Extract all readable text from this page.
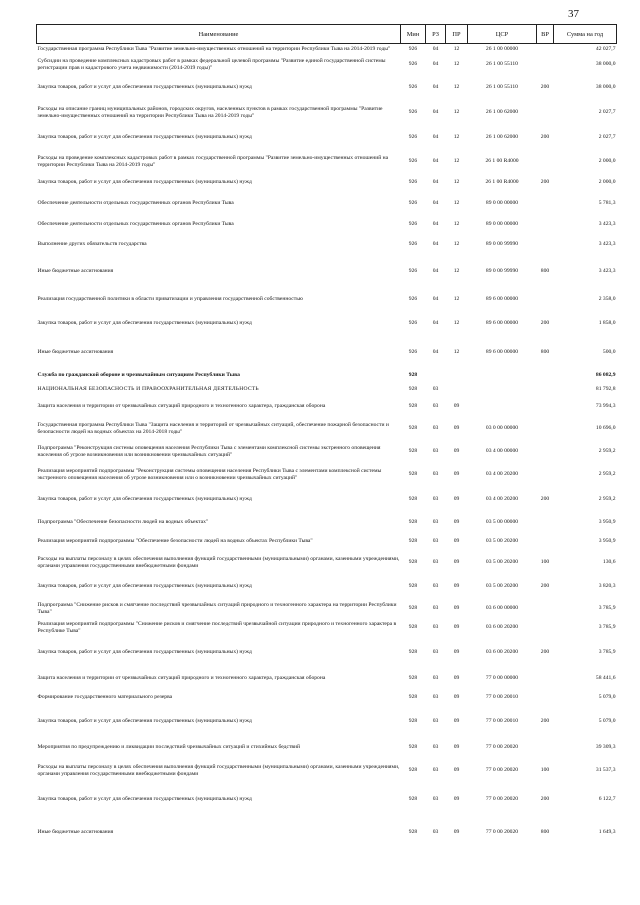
37
Наименование	Мин	РЗ	ПР	ЦСР	ВР	Сумма на год
Государственная программа Республики Тыва "Развитие земельно-имущественных отношений на территории Республики Тыва на 2014-2019 годы"	926	04	12	26 1 00 00000		42 027,7
Субсидии на проведение комплексных кадастровых работ в рамках федеральной целевой программы "Развитие единой государственной системы регистрации прав и кадастрового учета недвижимости (2014-2019 годы)"	926	04	12	26 1 00 55110		38 000,0
Закупка товаров, работ и услуг для обеспечения государственных (муниципальных) нужд	926	04	12	26 1 00 55110	200	38 000,0
Расходы на описание границ муниципальных районов, городских округов, населенных пунктов в рамках государственной программы "Развитие земельно-имущественных отношений на территории Республики Тыва на 2014-2019 годы"	926	04	12	26 1 00 62000		2 027,7
Закупка товаров, работ и услуг для обеспечения государственных (муниципальных) нужд	926	04	12	26 1 00 62000	200	2 027,7
Расходы на проведение комплексных кадастровых работ в рамках государственной программы "Развитие земельно-имущественных отношений на территории Республики Тыва на 2014-2019 годы"	926	04	12	26 1 00 R4000		2 000,0
Закупка товаров, работ и услуг для обеспечения государственных (муниципальных) нужд	926	04	12	26 1 00 R4000	200	2 000,0
Обеспечение деятельности отдельных государственных органов Республики Тыва	926	04	12	89 0 00 00000		5 781,3
Обеспечение деятельности отдельных государственных органов Республики Тыва	926	04	12	89 0 00 00000		3 423,3
Выполнение других обязательств государства	926	04	12	89 0 00 99990		3 423,3
Иные бюджетные ассигнования	926	04	12	89 0 00 99990	800	3 423,3
Реализация государственной политики в области приватизации и управления государственной собственностью	926	04	12	89 6 00 00000		2 358,0
Закупка товаров, работ и услуг для обеспечения государственных (муниципальных) нужд	926	04	12	89 6 00 00000	200	1 858,0
Иные бюджетные ассигнования	926	04	12	89 6 00 00000	800	500,0
Служба по гражданской обороне и чрезвычайным ситуациям Республики Тыва	928					86 082,9
НАЦИОНАЛЬНАЯ БЕЗОПАСНОСТЬ И ПРАВООХРАНИТЕЛЬНАЯ ДЕЯТЕЛЬНОСТЬ	928	03				81 792,8
Защита населения и территории от чрезвычайных ситуаций природного и техногенного характера, гражданская оборона	928	03	09			73 994,3
Государственная программа Республики Тыва "Защита населения и территорий от чрезвычайных ситуаций, обеспечение пожарной безопасности и безопасности людей на водных объектах на 2014-2018 годы"	928	03	09	03 0 00 00000		10 696,0
Подпрограмма "Реконструкция системы оповещения населения Республики Тыва с элементами комплексной системы экстренного оповещения населения об угрозе возникновения или возникновении чрезвычайных ситуаций"	928	03	09	03 4 00 00000		2 959,2
Реализация мероприятий подпрограммы "Реконструкция системы оповещения населения Республики Тыва с элементами комплексной системы экстренного оповещения населения об угрозе возникновения или о возникновении чрезвычайных ситуаций"	928	03	09	03 4 00 20200		2 959,2
Закупка товаров, работ и услуг для обеспечения государственных (муниципальных) нужд	928	03	09	03 4 00 20200	200	2 959,2
Подпрограмма "Обеспечение безопасности людей на водных объектах"	928	03	09	03 5 00 00000		3 950,9
Реализация мероприятий подпрограммы "Обеспечение безопасности людей на водных объектах Республики Тыва"	928	03	09	03 5 00 20200		3 950,9
Расходы на выплаты персоналу в целях обеспечения выполнения функций государственными (муниципальными) органами, казенными учреждениями, органами управления государственными внебюджетными фондами	928	03	09	03 5 00 20200	100	130,6
Закупка товаров, работ и услуг для обеспечения государственных (муниципальных) нужд	928	03	09	03 5 00 20200	200	3 820,3
Подпрограмма "Снижение рисков и смягчение последствий чрезвычайных ситуаций природного и техногенного характера на территории Республики Тыва"	928	03	09	03 6 00 00000		3 785,9
Реализация мероприятий подпрограммы "Снижение рисков и смягчение последствий чрезвычайной ситуации природного и техногенного характера в Республике Тыва"	928	03	09	03 6 00 20200		3 785,9
Закупка товаров, работ и услуг для обеспечения государственных (муниципальных) нужд	928	03	09	03 6 00 20200	200	3 785,9
Защита населения и территории от чрезвычайных ситуаций природного и техногенного характера, гражданская оборона	928	03	09	77 0 00 00000		58 441,6
Формирование государственного материального резерва	928	03	09	77 0 00 20010		5 079,0
Закупка товаров, работ и услуг для обеспечения государственных (муниципальных) нужд	928	03	09	77 0 00 20010	200	5 079,0
Мероприятия по предупреждению и ликвидации последствий чрезвычайных ситуаций и стихийных бедствий	928	03	09	77 0 00 20020		39 309,3
Расходы на выплаты персоналу в целях обеспечения выполнения функций государственными (муниципальными) органами, казенными учреждениями, органами управления государственными внебюджетными фондами	928	03	09	77 0 00 20020	100	31 537,3
Закупка товаров, работ и услуг для обеспечения государственных (муниципальных) нужд	928	03	09	77 0 00 20020	200	6 122,7
Иные бюджетные ассигнования	928	03	09	77 0 00 20020	800	1 649,3
